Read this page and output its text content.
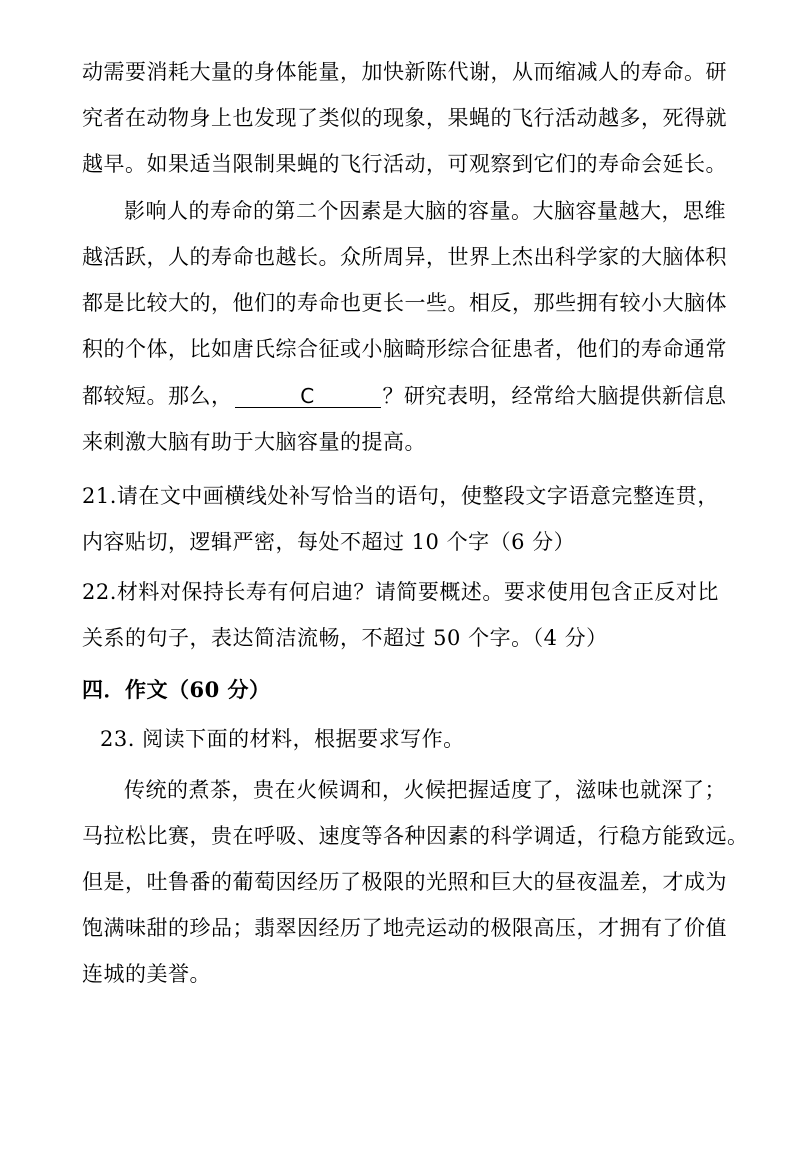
动需要消耗大量的身体能量，加快新陈代谢，从而缩减人的寿命。研
究者在动物身上也发现了类似的现象，果蝇的飞行活动越多，死得就
越早。如果适当限制果蝇的飞行活动，可观察到它们的寿命会延长。
影响人的寿命的第二个因素是大脑的容量。大脑容量越大，思维
越活跃，人的寿命也越长。众所周异，世界上杰出科学家的大脑体积
都是比较大的，他们的寿命也更长一些。相反，那些拥有较小大脑体
积的个体，比如唐氏综合征或小脑畸形综合征患者，他们的寿命通常
都较短。那么，	C	？研究表明，经常给大脑提供新信息
来刺激大脑有助于大脑容量的提高。
21.请在文中画横线处补写恰当的语句，使整段文字语意完整连贯，
内容贴切，逻辑严密，每处不超过 10 个字（6 分）
22.材料对保持长寿有何启迪？请简要概述。要求使用包含正反对比
关系的句子，表达简洁流畅，不超过 50 个字。（4 分）
四．作文（60 分）
23. 阅读下面的材料，根据要求写作。
传统的煮茶，贵在火候调和，火候把握适度了，滋味也就深了；
马拉松比赛，贵在呼吸、速度等各种因素的科学调适，行稳方能致远。
但是，吐鲁番的葡萄因经历了极限的光照和巨大的昼夜温差，才成为
饱满味甜的珍品；翡翠因经历了地壳运动的极限高压，才拥有了价值
连城的美誉。
